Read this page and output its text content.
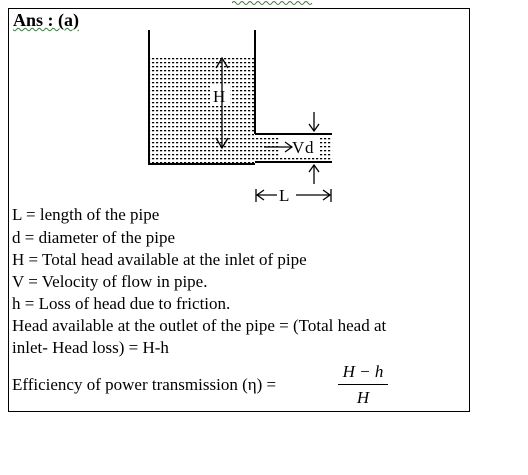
Ans : (a)
H
V d
L
L = length of the pipe
d = diameter of the pipe
H = Total head available at the inlet of pipe
V = Velocity of flow in pipe.
h = Loss of head due to friction.
Head available at the outlet of the pipe = (Total head at
inlet- Head loss) = H-h
Efficiency of power transmission (η) =
H − h
H
